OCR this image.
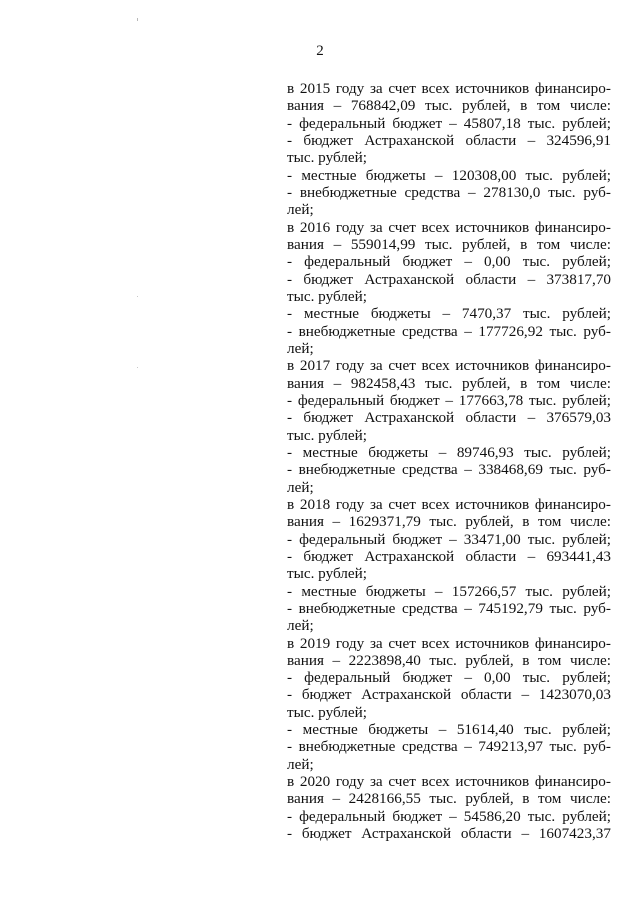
2
в 2015 году за счет всех источников финансиро-
вания – 768842,09 тыс. рублей, в том числе:
- федеральный бюджет – 45807,18 тыс. рублей;
- бюджет Астраханской области – 324596,91
тыс. рублей;
- местные бюджеты – 120308,00 тыс. рублей;
- внебюджетные средства – 278130,0 тыс. руб-
лей;
в 2016 году за счет всех источников финансиро-
вания – 559014,99 тыс. рублей, в том числе:
- федеральный бюджет – 0,00 тыс. рублей;
- бюджет Астраханской области – 373817,70
тыс. рублей;
- местные бюджеты – 7470,37 тыс. рублей;
- внебюджетные средства – 177726,92 тыс. руб-
лей;
в 2017 году за счет всех источников финансиро-
вания – 982458,43 тыс. рублей, в том числе:
- федеральный бюджет – 177663,78 тыс. рублей;
- бюджет Астраханской области – 376579,03
тыс. рублей;
- местные бюджеты – 89746,93 тыс. рублей;
- внебюджетные средства – 338468,69 тыс. руб-
лей;
в 2018 году за счет всех источников финансиро-
вания – 1629371,79 тыс. рублей, в том числе:
- федеральный бюджет – 33471,00 тыс. рублей;
- бюджет Астраханской области – 693441,43
тыс. рублей;
- местные бюджеты – 157266,57 тыс. рублей;
- внебюджетные средства – 745192,79 тыс. руб-
лей;
в 2019 году за счет всех источников финансиро-
вания – 2223898,40 тыс. рублей, в том числе:
- федеральный бюджет – 0,00 тыс. рублей;
- бюджет Астраханской области – 1423070,03
тыс. рублей;
- местные бюджеты – 51614,40 тыс. рублей;
- внебюджетные средства – 749213,97 тыс. руб-
лей;
в 2020 году за счет всех источников финансиро-
вания – 2428166,55 тыс. рублей, в том числе:
- федеральный бюджет – 54586,20 тыс. рублей;
- бюджет Астраханской области – 1607423,37
